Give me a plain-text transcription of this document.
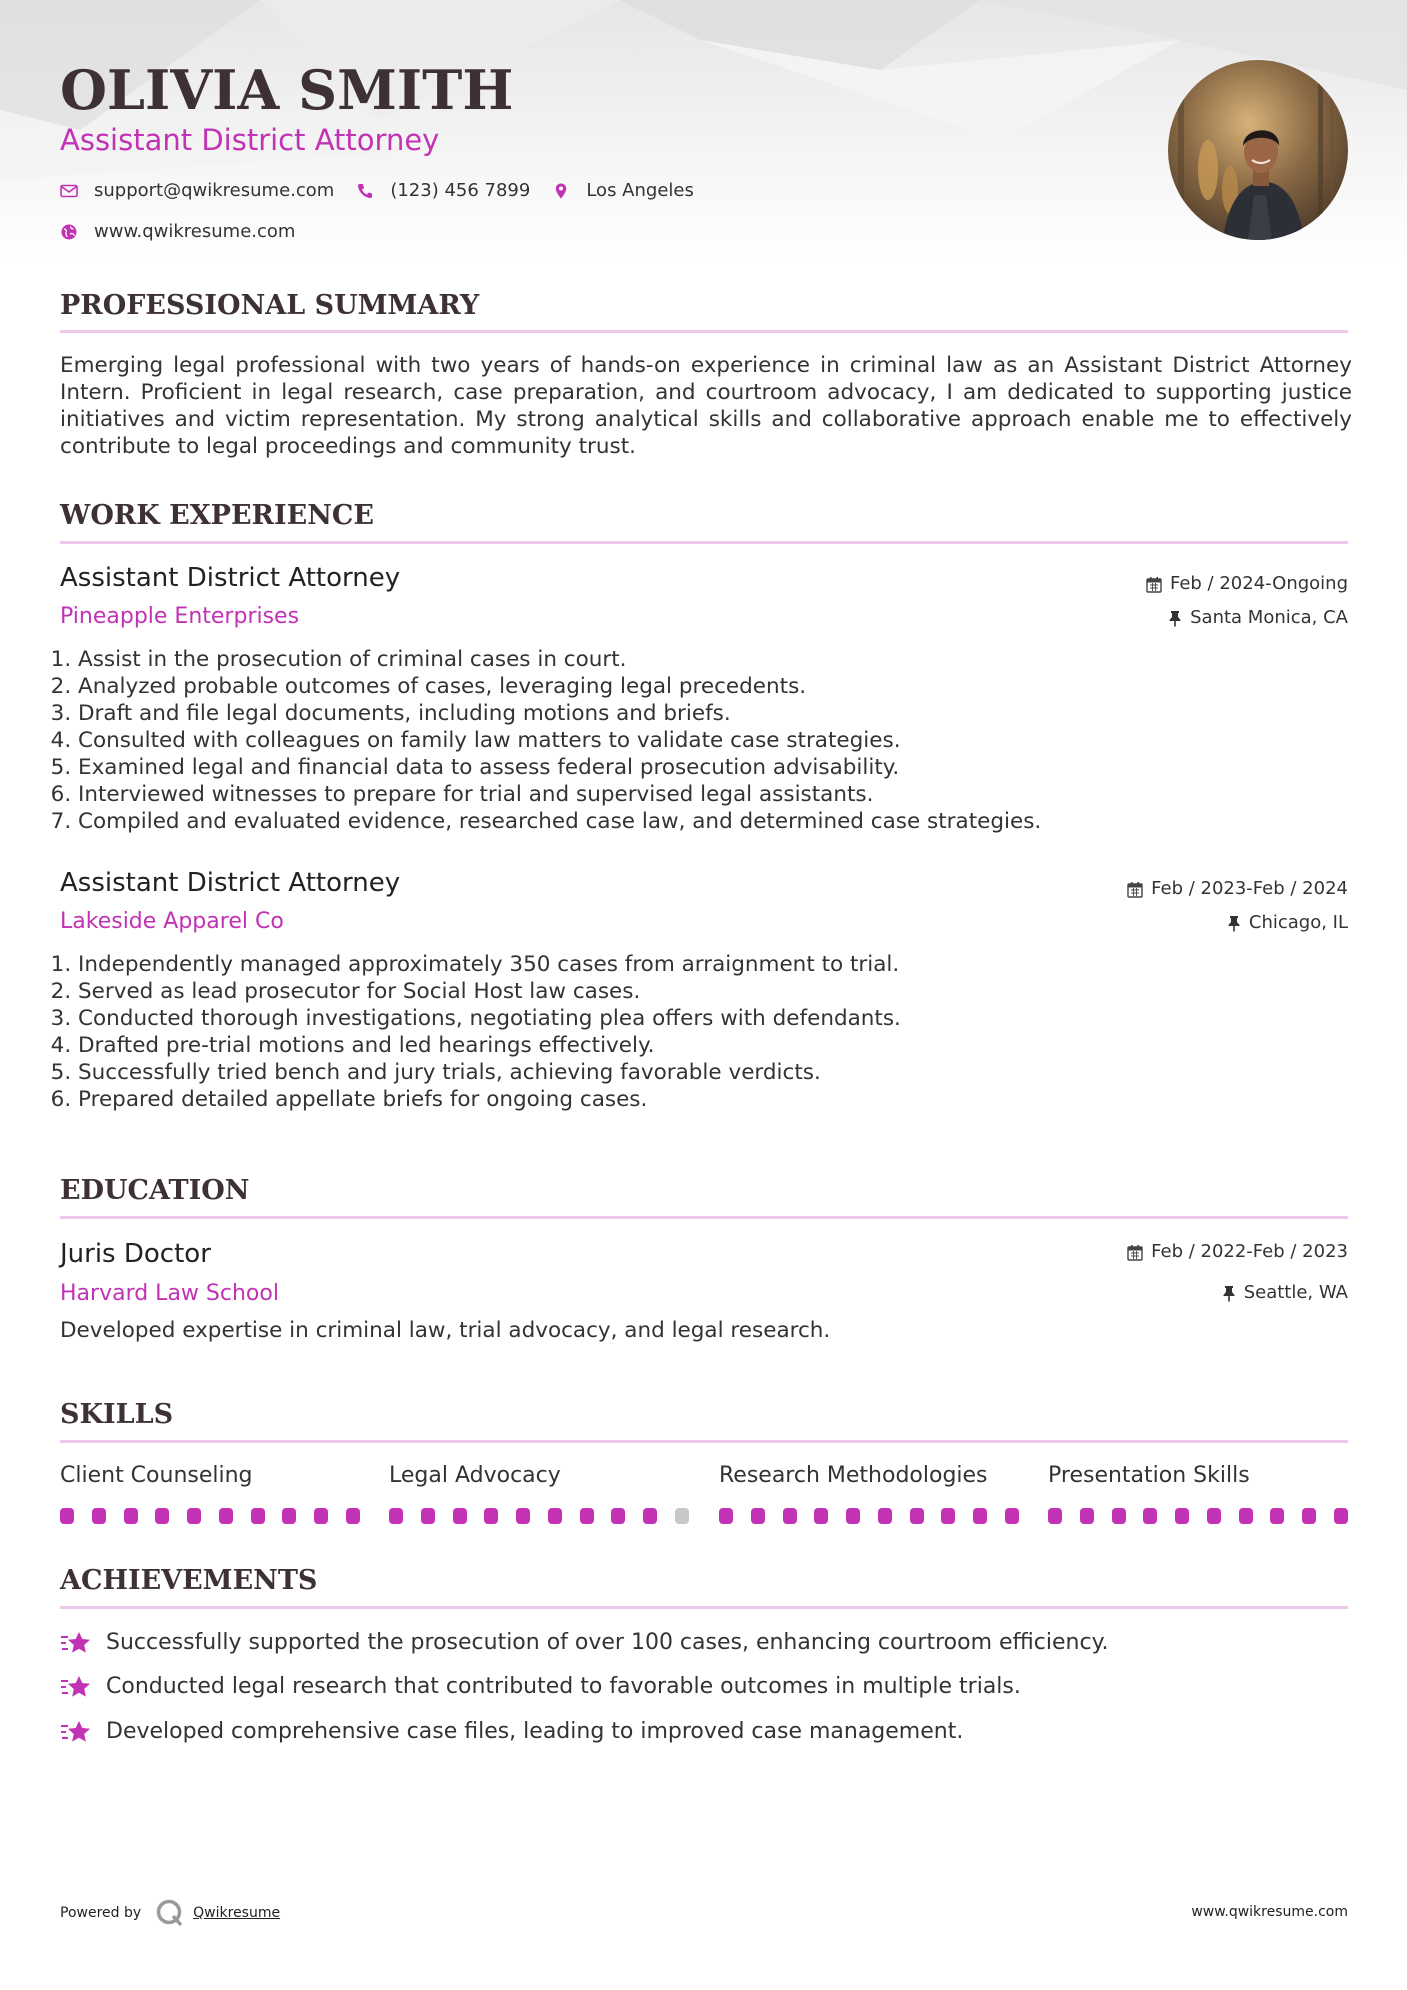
OLIVIA SMITH
Assistant District Attorney
support@qwikresume.com	(123) 456 7899	Los Angeles
www.qwikresume.com
PROFESSIONAL SUMMARY
Emerging legal professional with two years of hands-on experience in criminal law as an Assistant District Attorney Intern. Proficient in legal research, case preparation, and courtroom advocacy, I am dedicated to supporting justice initiatives and victim representation. My strong analytical skills and collaborative approach enable me to effectively contribute to legal proceedings and community trust.
WORK EXPERIENCE
Assistant District Attorney	Feb / 2024-Ongoing
Pineapple Enterprises	Santa Monica, CA
1. Assist in the prosecution of criminal cases in court.
2. Analyzed probable outcomes of cases, leveraging legal precedents.
3. Draft and file legal documents, including motions and briefs.
4. Consulted with colleagues on family law matters to validate case strategies.
5. Examined legal and financial data to assess federal prosecution advisability.
6. Interviewed witnesses to prepare for trial and supervised legal assistants.
7. Compiled and evaluated evidence, researched case law, and determined case strategies.
Assistant District Attorney	Feb / 2023-Feb / 2024
Lakeside Apparel Co	Chicago, IL
1. Independently managed approximately 350 cases from arraignment to trial.
2. Served as lead prosecutor for Social Host law cases.
3. Conducted thorough investigations, negotiating plea offers with defendants.
4. Drafted pre-trial motions and led hearings effectively.
5. Successfully tried bench and jury trials, achieving favorable verdicts.
6. Prepared detailed appellate briefs for ongoing cases.
EDUCATION
Juris Doctor	Feb / 2022-Feb / 2023
Harvard Law School	Seattle, WA
Developed expertise in criminal law, trial advocacy, and legal research.
SKILLS
Client Counseling	Legal Advocacy	Research Methodologies	Presentation Skills
ACHIEVEMENTS
Successfully supported the prosecution of over 100 cases, enhancing courtroom efficiency.
Conducted legal research that contributed to favorable outcomes in multiple trials.
Developed comprehensive case files, leading to improved case management.
Powered by	Qwikresume	www.qwikresume.com
